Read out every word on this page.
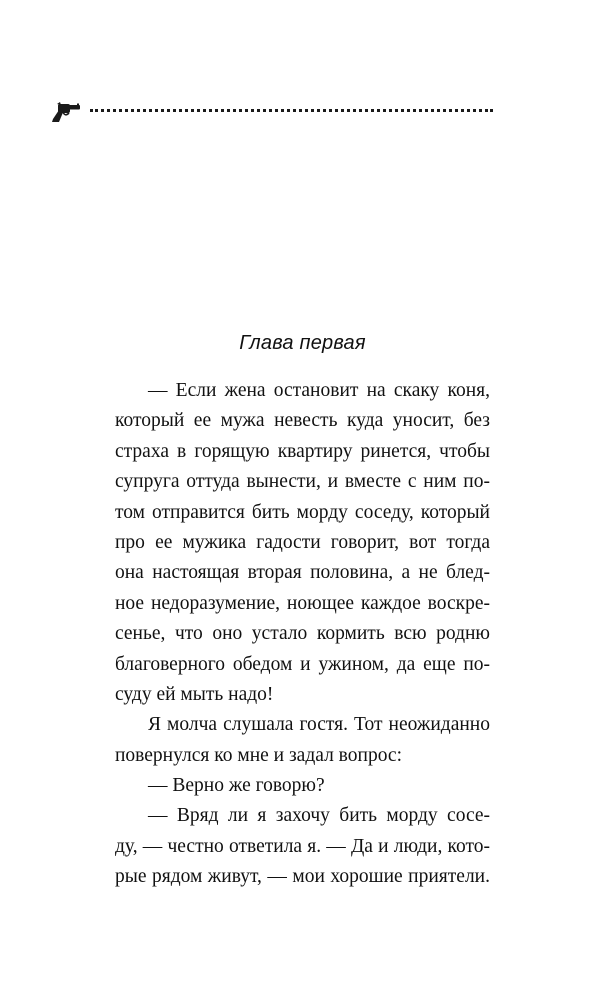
Глава первая
— Если жена остановит на скаку коня,
который ее мужа невесть куда уносит, без
страха в горящую квартиру ринется, чтобы
супруга оттуда вынести, и вместе с ним по-
том отправится бить морду соседу, который
про ее мужика гадости говорит, вот тогда
она настоящая вторая половина, а не блед-
ное недоразумение, ноющее каждое воскре-
сенье, что оно устало кормить всю родню
благоверного обедом и ужином, да еще по-
суду ей мыть надо!
Я молча слушала гостя. Тот неожиданно
повернулся ко мне и задал вопрос:
— Верно же говорю?
— Вряд ли я захочу бить морду сосе-
ду, — честно ответила я. — Да и люди, кото-
рые рядом живут, — мои хорошие приятели.
